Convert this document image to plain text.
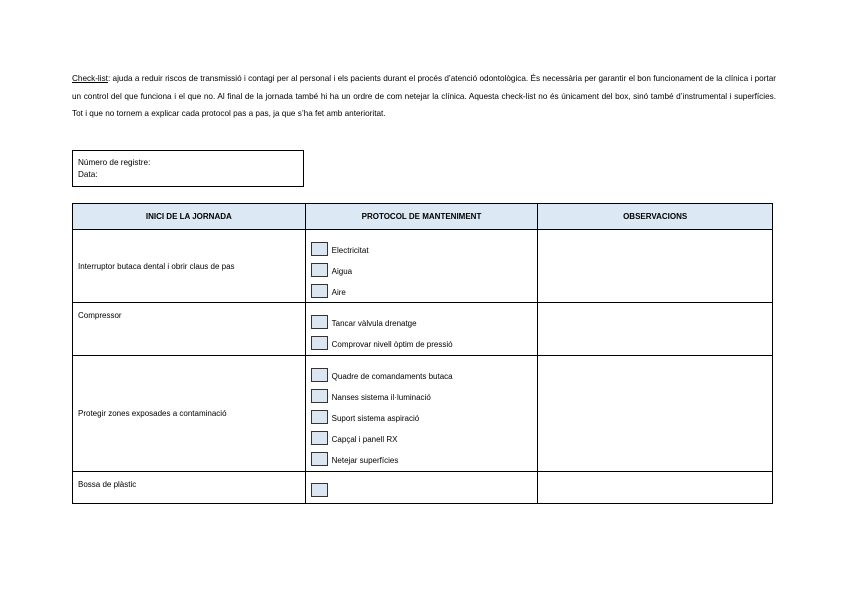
Check-list: ajuda a reduir riscos de transmissió i contagi per al personal i els pacients durant el procés d’atenció odontològica. És necessària per garantir el bon funcionament de la clínica i portar un control del que funciona i el que no. Al final de la jornada també hi ha un ordre de com netejar la clínica. Aquesta check-list no és únicament del box, sinó també d’instrumental i superfícies. Tot i que no tornem a explicar cada protocol pas a pas, ja que s’ha fet amb anterioritat.
Número de registre:
Data:
INICI DE LA JORNADA	PROTOCOL DE MANTENIMENT	OBSERVACIONS
Interruptor butaca dental i obrir claus de pas	Electricitat
Aigua
Aire	

Compressor	Tancar vàlvula drenatge
Comprovar nivell òptim de pressió	

Protegir zones exposades a contaminació	Quadre de comandaments butaca
Nanses sistema il·luminació
Suport sistema aspiració
Capçal i panell RX
Netejar superfícies	

Bossa de plàstic	
